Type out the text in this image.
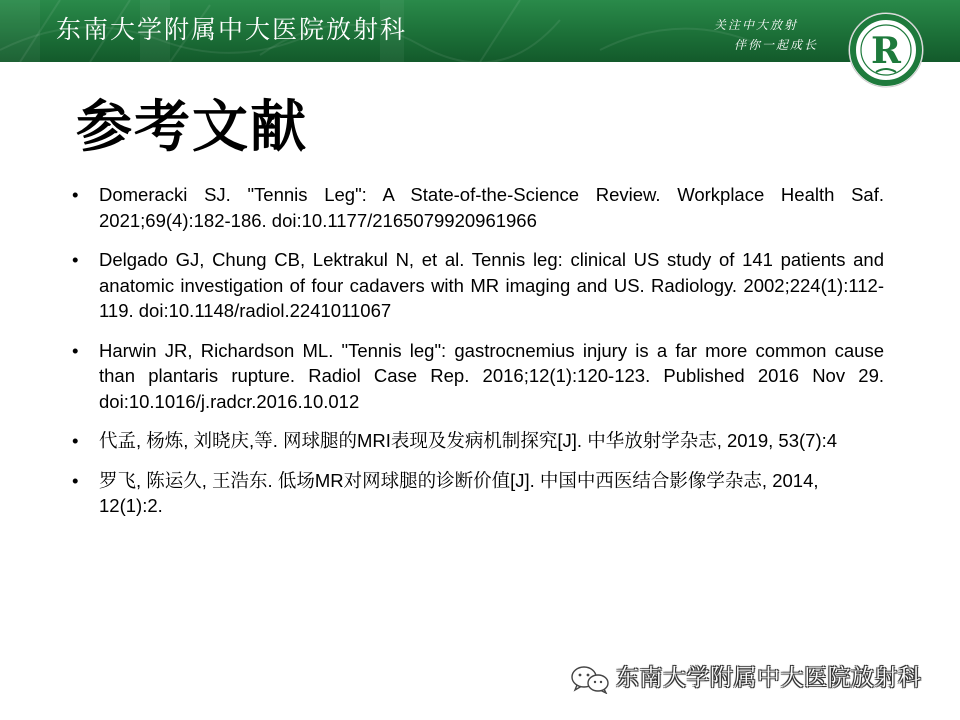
东南大学附属中大医院放射科	关注中大放射
伴你一起成长 R
参考文献
• Domeracki SJ. "Tennis Leg": A State-of-the-Science Review. Workplace Health Saf. 2021;69(4):182-186. doi:10.1177/2165079920961966
• Delgado GJ, Chung CB, Lektrakul N, et al. Tennis leg: clinical US study of 141 patients and anatomic investigation of four cadavers with MR imaging and US. Radiology. 2002;224(1):112-119. doi:10.1148/radiol.2241011067
• Harwin JR, Richardson ML. "Tennis leg": gastrocnemius injury is a far more common cause than plantaris rupture. Radiol Case Rep. 2016;12(1):120-123. Published 2016 Nov 29. doi:10.1016/j.radcr.2016.10.012
• 代孟, 杨炼, 刘晓庆,等. 网球腿的MRI表现及发病机制探究[J]. 中华放射学杂志, 2019, 53(7):4
• 罗飞, 陈运久, 王浩东. 低场MR对网球腿的诊断价值[J]. 中国中西医结合影像学杂志, 2014, 12(1):2.
东南大学附属中大医院放射科
